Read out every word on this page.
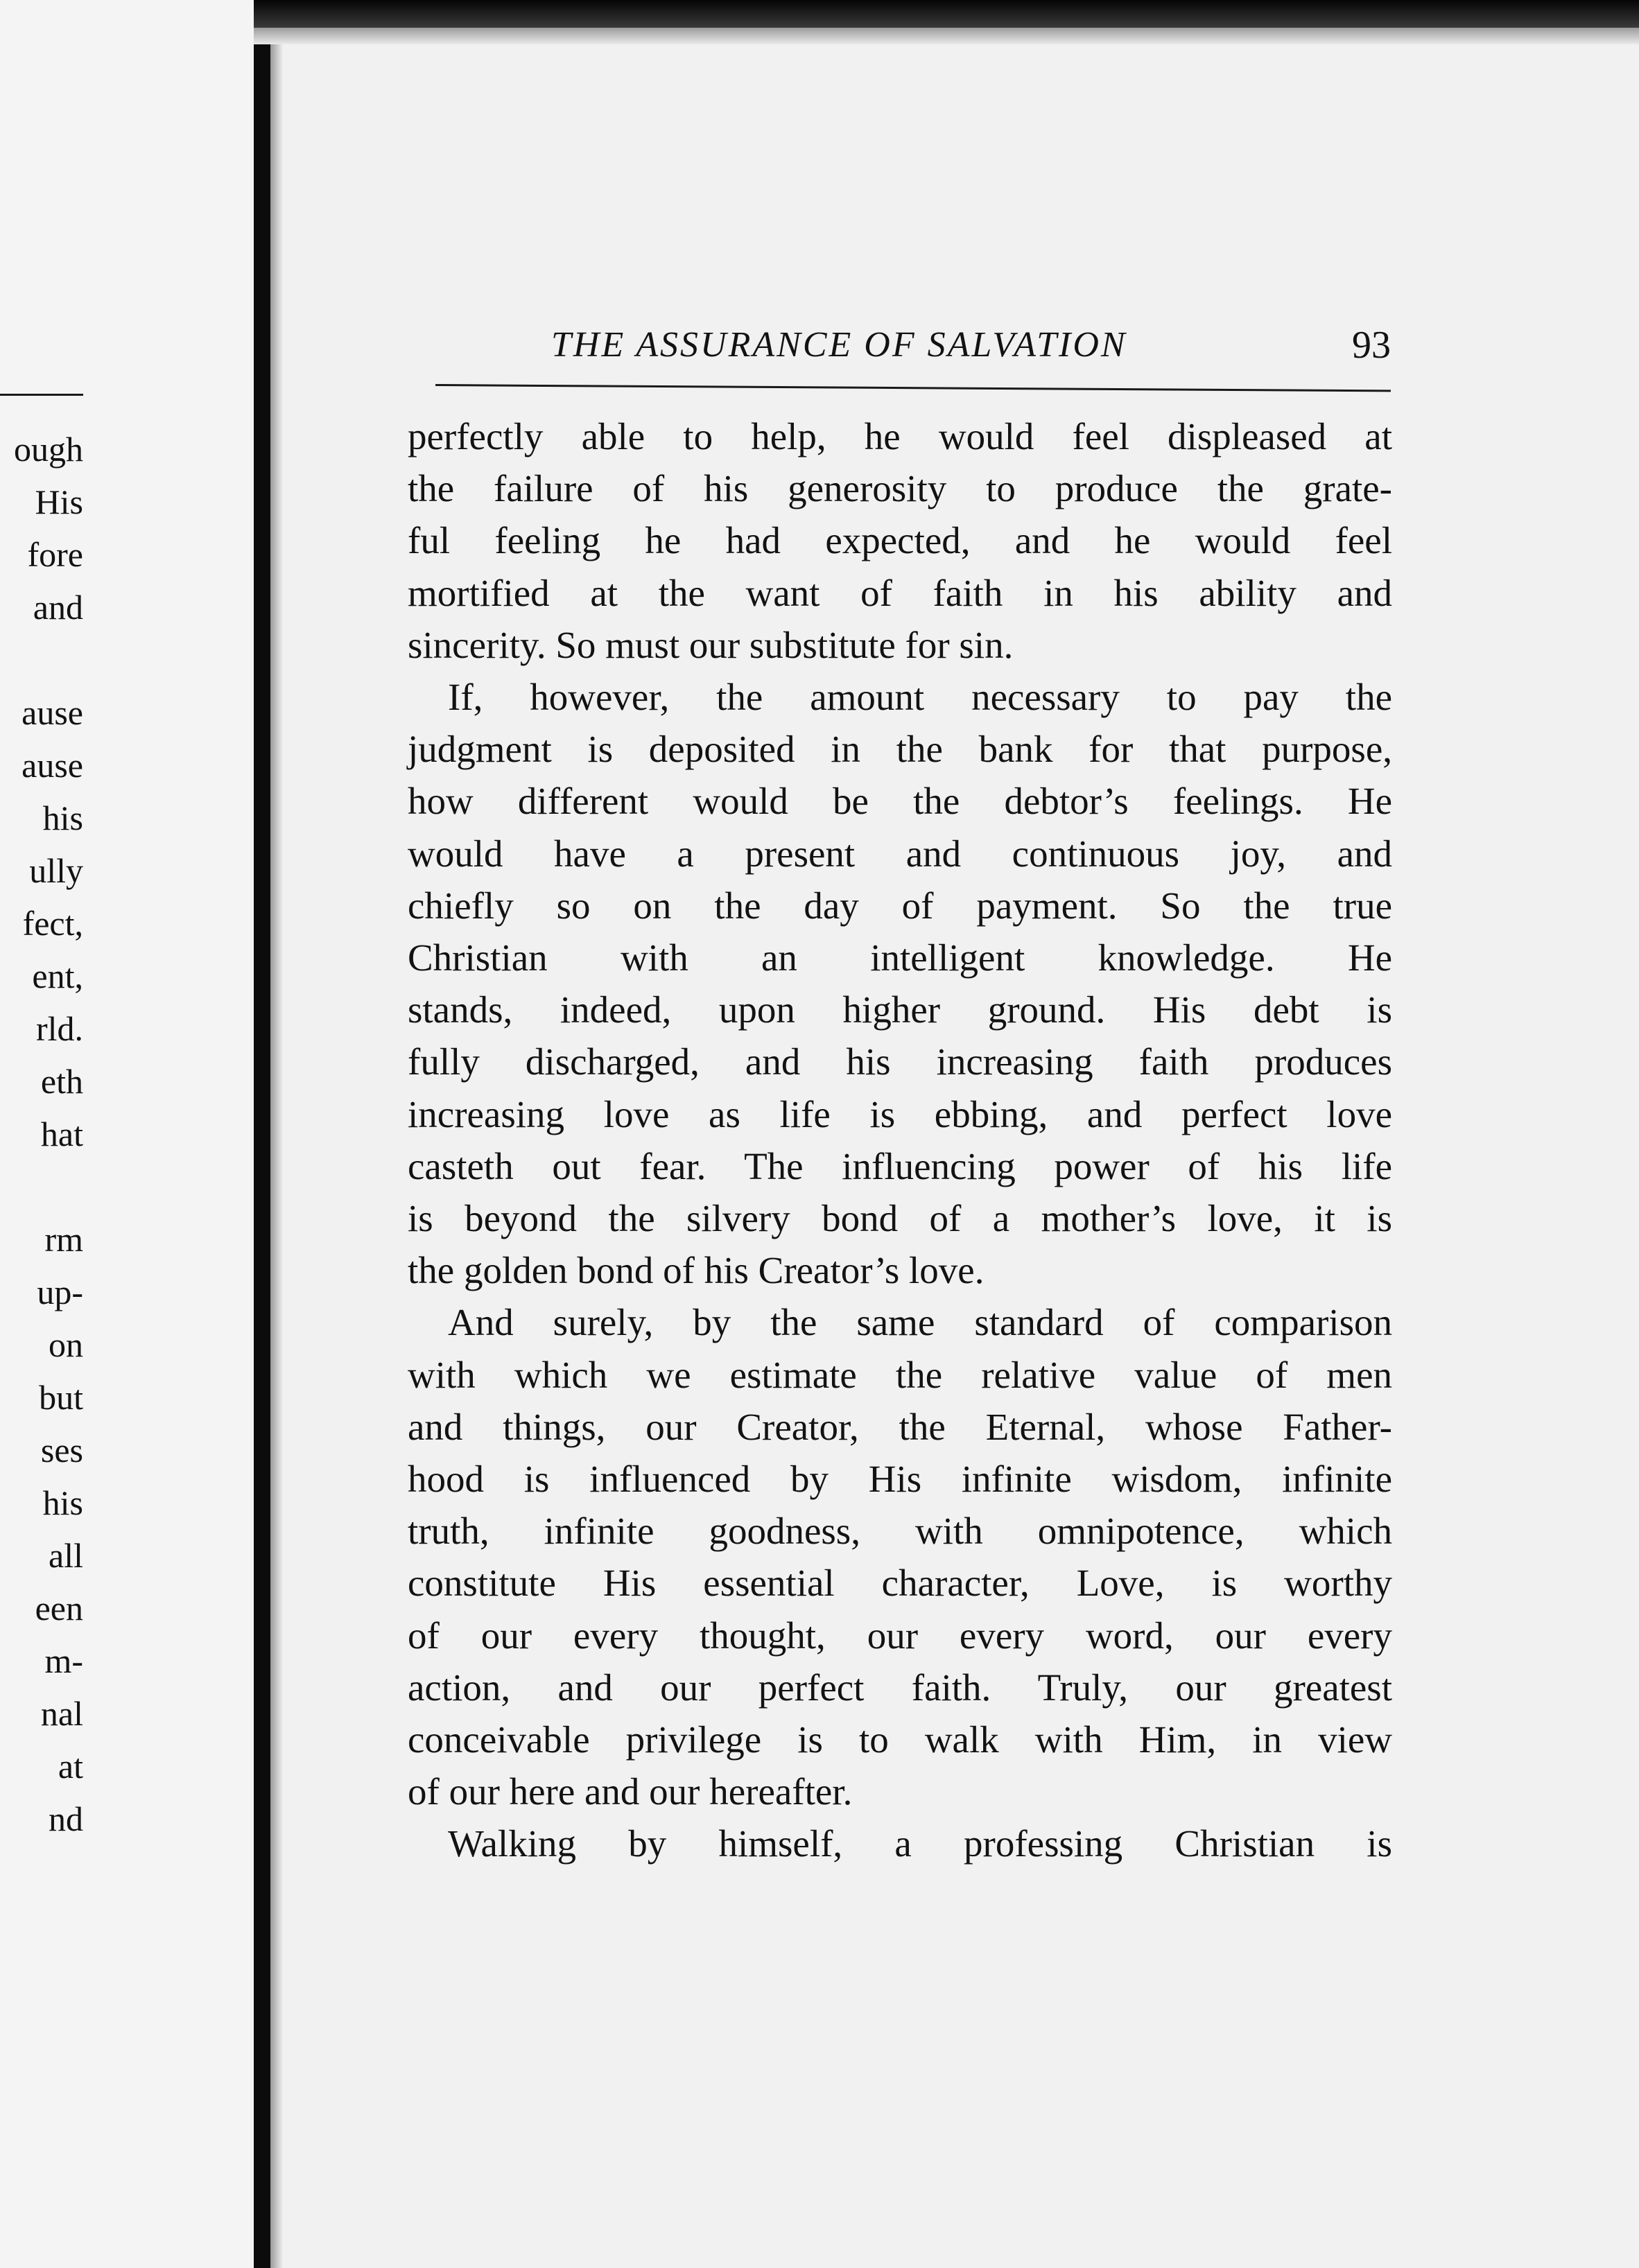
ough
His
fore
and
ause
ause
his
ully
fect,
ent,
rld.
eth
hat
rm
up-
on
but
ses
his
all
een
m-
nal
at
nd
THE ASSURANCE OF SALVATION	93
perfectly able to help, he would feel displeased at
the failure of his generosity to produce the grate-
ful feeling he had expected, and he would feel
mortified at the want of faith in his ability and
sincerity. So must our substitute for sin.
If, however, the amount necessary to pay the
judgment is deposited in the bank for that purpose,
how different would be the debtor’s feelings. He
would have a present and continuous joy, and
chiefly so on the day of payment. So the true
Christian with an intelligent knowledge. He
stands, indeed, upon higher ground. His debt is
fully discharged, and his increasing faith produces
increasing love as life is ebbing, and perfect love
casteth out fear. The influencing power of his life
is beyond the silvery bond of a mother’s love, it is
the golden bond of his Creator’s love.
And surely, by the same standard of comparison
with which we estimate the relative value of men
and things, our Creator, the Eternal, whose Father-
hood is influenced by His infinite wisdom, infinite
truth, infinite goodness, with omnipotence, which
constitute His essential character, Love, is worthy
of our every thought, our every word, our every
action, and our perfect faith. Truly, our greatest
conceivable privilege is to walk with Him, in view
of our here and our hereafter.
Walking by himself, a professing Christian is
